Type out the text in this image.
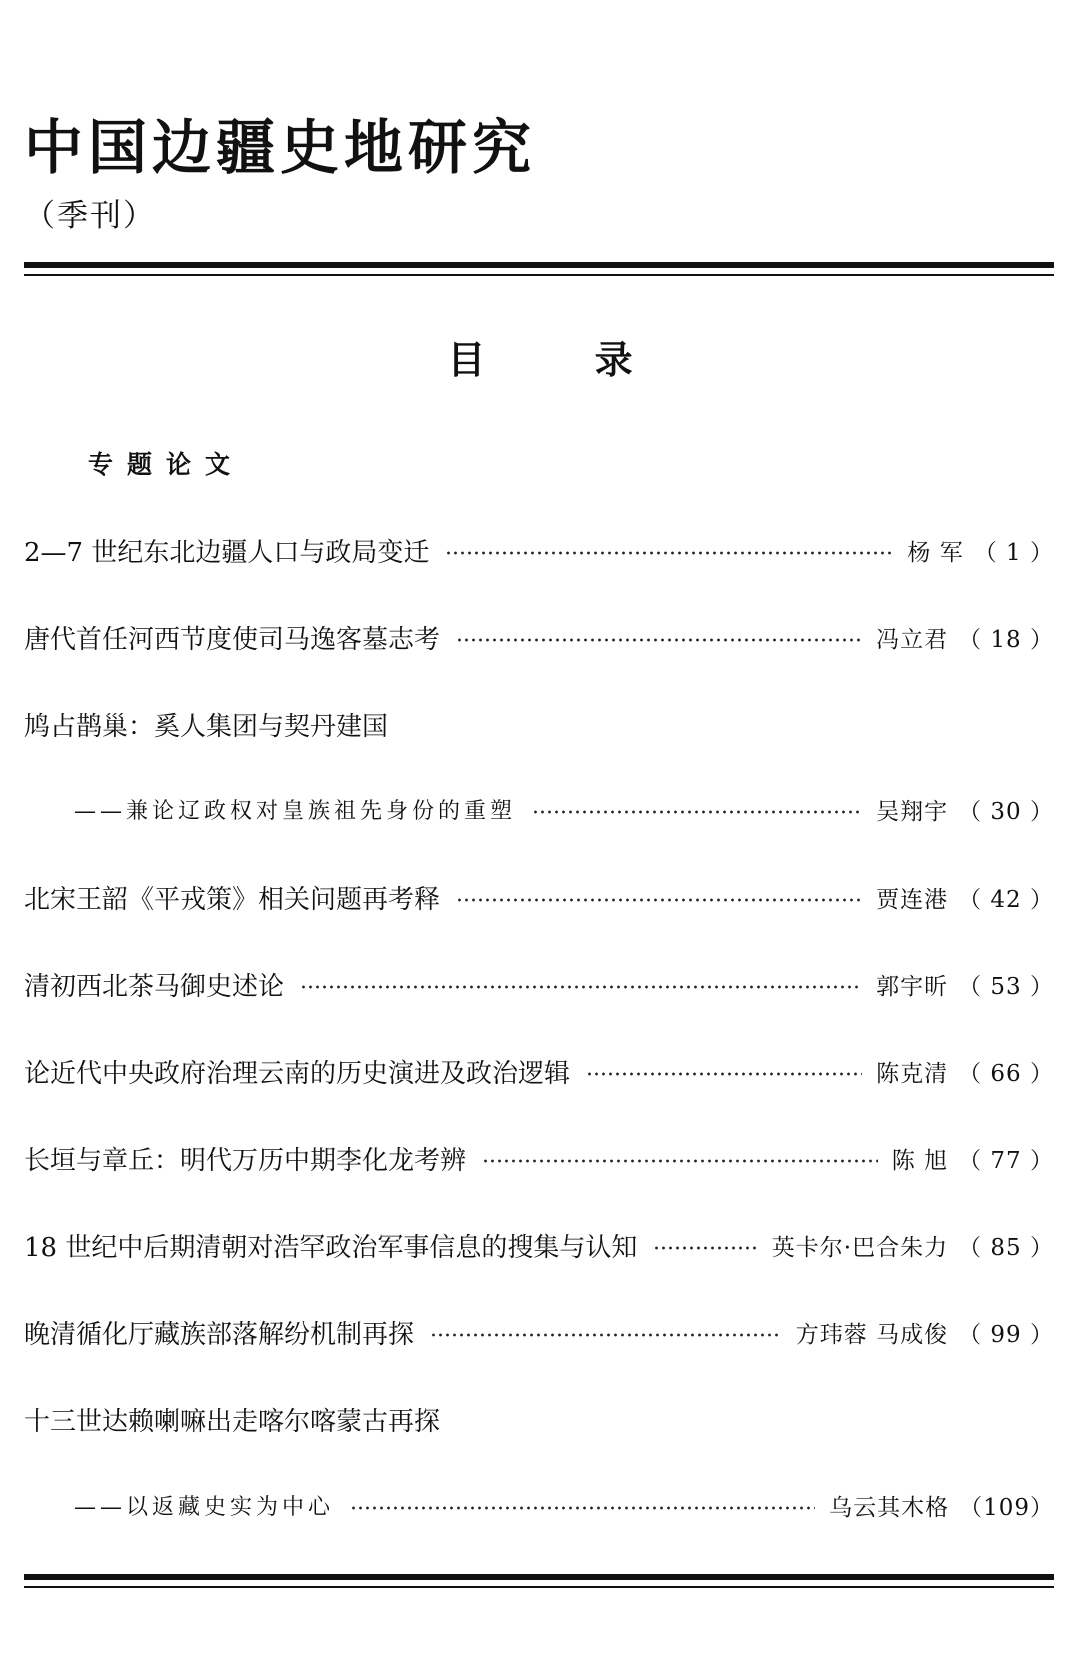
中国边疆史地研究
（季刊）
目 录
专题论文
2—7 世纪东北边疆人口与政局变迁	杨 军 （ 1 ）
唐代首任河西节度使司马逸客墓志考	冯立君 （ 18 ）
鸠占鹊巢：奚人集团与契丹建国
——兼论辽政权对皇族祖先身份的重塑	吴翔宇 （ 30 ）
北宋王韶《平戎策》相关问题再考释	贾连港 （ 42 ）
清初西北茶马御史述论	郭宇昕 （ 53 ）
论近代中央政府治理云南的历史演进及政治逻辑	陈克清 （ 66 ）
长垣与章丘：明代万历中期李化龙考辨	陈 旭 （ 77 ）
18 世纪中后期清朝对浩罕政治军事信息的搜集与认知	英卡尔·巴合朱力 （ 85 ）
晚清循化厅藏族部落解纷机制再探	方玮蓉 马成俊 （ 99 ）
十三世达赖喇嘛出走喀尔喀蒙古再探
——以返藏史实为中心	乌云其木格 （109）
